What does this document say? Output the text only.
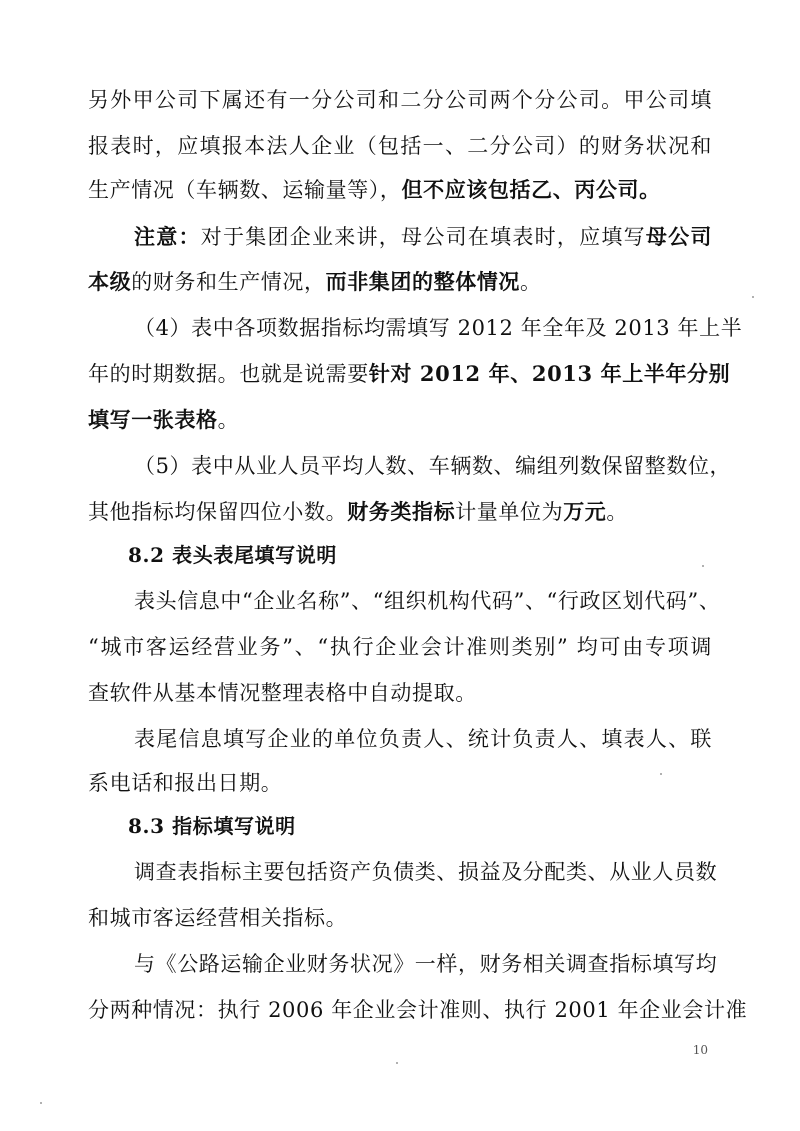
另外甲公司下属还有一分公司和二分公司两个分公司。甲公司填
报表时，应填报本法人企业（包括一、二分公司）的财务状况和
生产情况（车辆数、运输量等），但不应该包括乙、丙公司。
注意：对于集团企业来讲，母公司在填表时，应填写母公司
本级的财务和生产情况，而非集团的整体情况。
（4）表中各项数据指标均需填写 2012 年全年及 2013 年上半
年的时期数据。也就是说需要针对 2012 年、2013 年上半年分别
填写一张表格。
（5）表中从业人员平均人数、车辆数、编组列数保留整数位，
其他指标均保留四位小数。财务类指标计量单位为万元。
8.2 表头表尾填写说明
表头信息中“企业名称”、“组织机构代码”、“行政区划代码”、
“城市客运经营业务”、“执行企业会计准则类别” 均可由专项调
查软件从基本情况整理表格中自动提取。
表尾信息填写企业的单位负责人、统计负责人、填表人、联
系电话和报出日期。
8.3 指标填写说明
调查表指标主要包括资产负债类、损益及分配类、从业人员数
和城市客运经营相关指标。
与《公路运输企业财务状况》一样，财务相关调查指标填写均
分两种情况：执行 2006 年企业会计准则、执行 2001 年企业会计准
10
